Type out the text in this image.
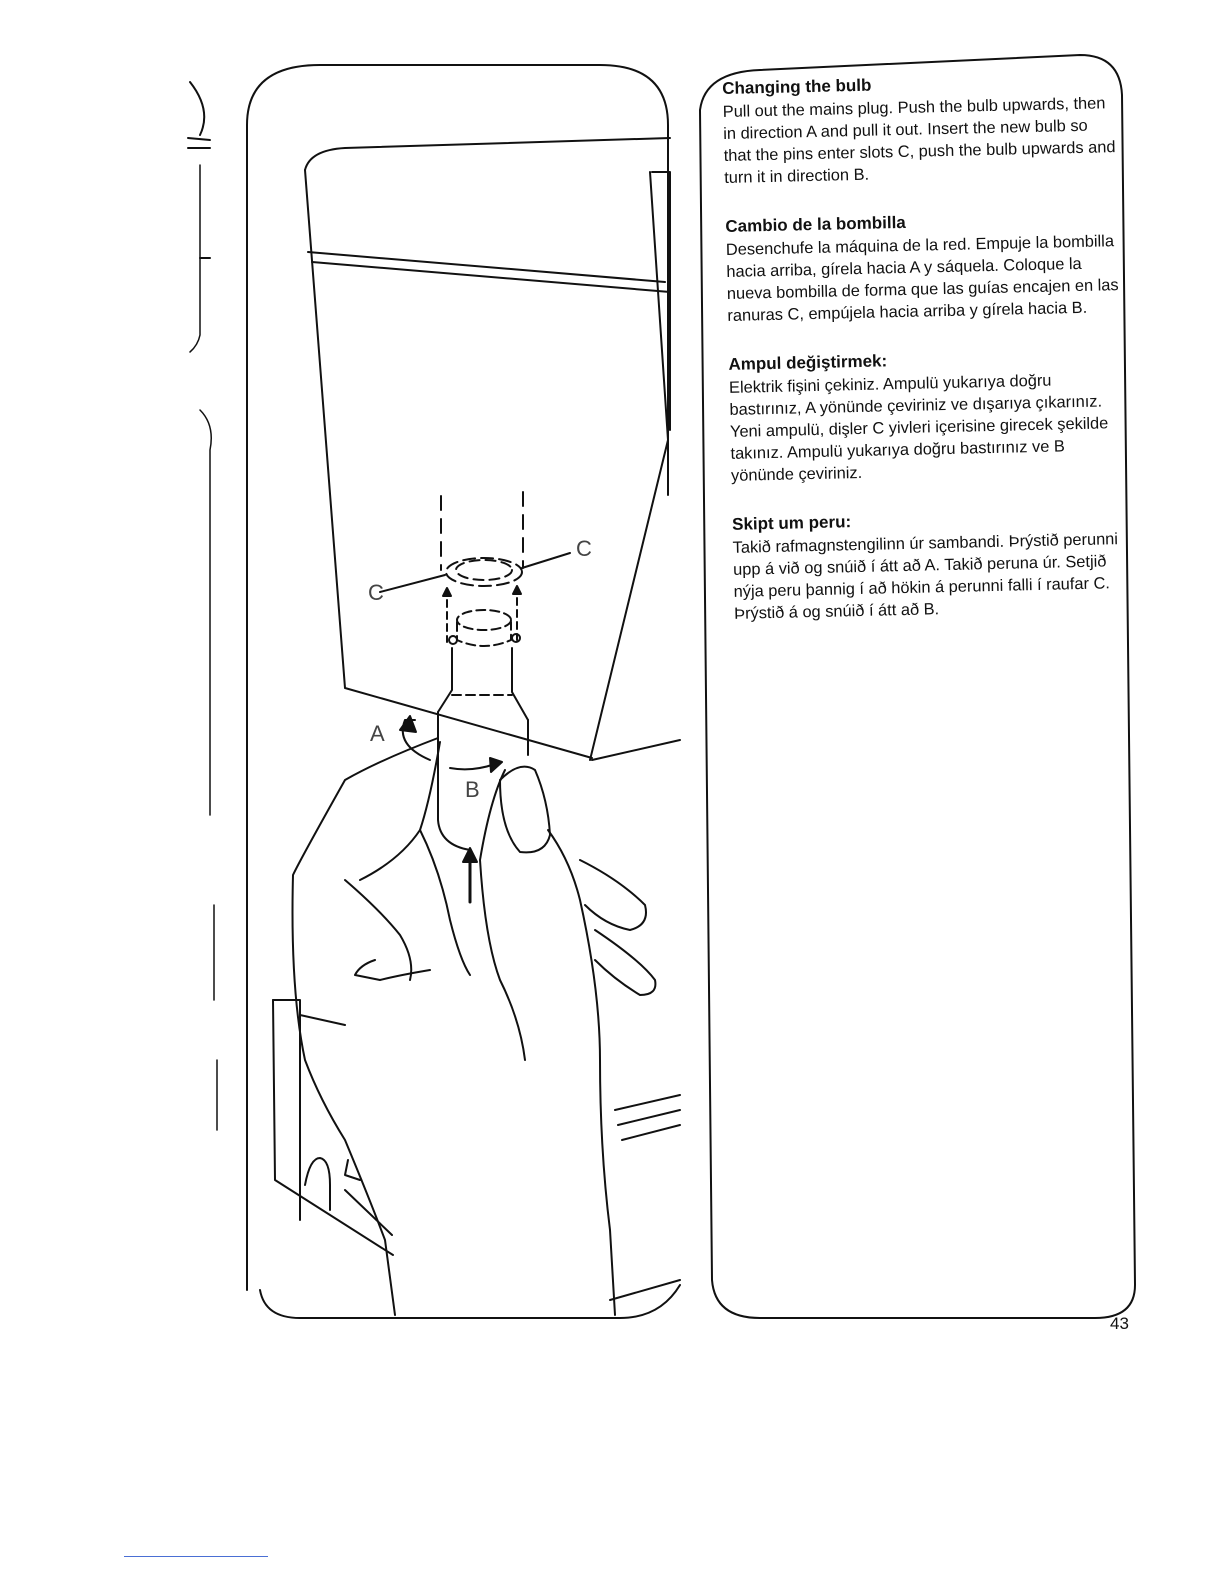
C
C
A
B
Changing the bulb

Pull out the mains plug. Push the bulb upwards, then in direction A and pull it out. Insert the new bulb so that the pins enter slots C, push the bulb upwards and turn it in direction B.

Cambio de la bombilla

Desenchufe la máquina de la red. Empuje la bombilla hacia arriba, gírela hacia A y sáquela. Coloque la nueva bombilla de forma que las guías encajen en las ranuras C, empújela hacia arriba y gírela hacia B.

Ampul değiştirmek:

Elektrik fişini çekiniz. Ampulü yukarıya doğru bastırınız, A yönünde çeviriniz ve dışarıya çıkarınız. Yeni ampulü, dişler C yivleri içerisine girecek şekilde takınız. Ampulü yukarıya doğru bastırınız ve B yönünde çeviriniz.

Skipt um peru:

Takið rafmagnstengilinn úr sambandi. Þrýstið perunni upp á við og snúið í átt að A. Takið peruna úr. Setjið nýja peru þannig í að hökin á perunni falli í raufar C. Þrýstið á og snúið í átt að B.

43
